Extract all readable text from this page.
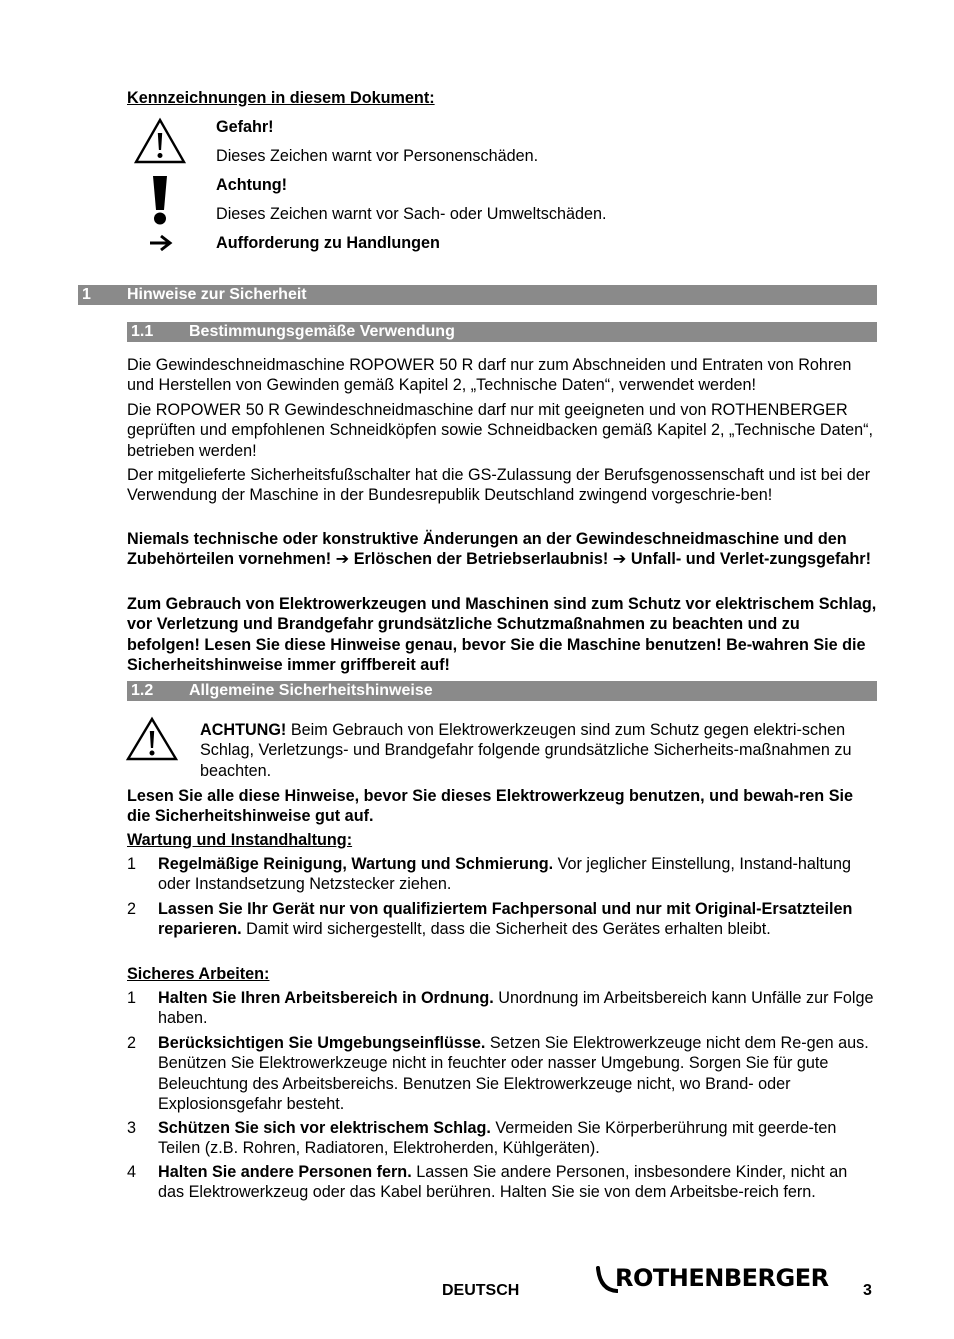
Kennzeichnungen in diesem Dokument:
Gefahr!
Dieses Zeichen warnt vor Personenschäden.
Achtung!
Dieses Zeichen warnt vor Sach- oder Umweltschäden.
Aufforderung zu Handlungen
1 Hinweise zur Sicherheit
1.1 Bestimmungsgemäße Verwendung

Die Gewindeschneidmaschine ROPOWER 50 R darf nur zum Abschneiden und Entraten von Rohren und Herstellen von Gewinden gemäß Kapitel 2, „Technische Daten“, verwendet werden!

Die ROPOWER 50 R Gewindeschneidmaschine darf nur mit geeigneten und von ROTHENBERGER geprüften und empfohlenen Schneidköpfen sowie Schneidbacken gemäß Kapitel 2, „Technische Daten“, betrieben werden!

Der mitgelieferte Sicherheitsfußschalter hat die GS-Zulassung der Berufsgenossenschaft und ist bei der Verwendung der Maschine in der Bundesrepublik Deutschland zwingend vorgeschrie-ben!

Niemals technische oder konstruktive Änderungen an der Gewindeschneidmaschine und den Zubehörteilen vornehmen! ➔ Erlöschen der Betriebserlaubnis! ➔ Unfall- und Verlet-zungsgefahr!

Zum Gebrauch von Elektrowerkzeugen und Maschinen sind zum Schutz vor elektrischem Schlag, vor Verletzung und Brandgefahr grundsätzliche Schutzmaßnahmen zu beachten und zu befolgen! Lesen Sie diese Hinweise genau, bevor Sie die Maschine benutzen! Be-wahren Sie die Sicherheitshinweise immer griffbereit auf!

1.2 Allgemeine Sicherheitshinweise

ACHTUNG! Beim Gebrauch von Elektrowerkzeugen sind zum Schutz gegen elektri-schen Schlag, Verletzungs- und Brandgefahr folgende grundsätzliche Sicherheits-maßnahmen zu beachten.

Lesen Sie alle diese Hinweise, bevor Sie dieses Elektrowerkzeug benutzen, und bewah-ren Sie die Sicherheitshinweise gut auf.

Wartung und Instandhaltung:
1 Regelmäßige Reinigung, Wartung und Schmierung. Vor jeglicher Einstellung, Instand-haltung oder Instandsetzung Netzstecker ziehen.

2 Lassen Sie Ihr Gerät nur von qualifiziertem Fachpersonal und nur mit Original-Ersatzteilen reparieren. Damit wird sichergestellt, dass die Sicherheit des Gerätes erhalten bleibt.

Sicheres Arbeiten:
1 Halten Sie Ihren Arbeitsbereich in Ordnung. Unordnung im Arbeitsbereich kann Unfälle zur Folge haben.

2 Berücksichtigen Sie Umgebungseinflüsse. Setzen Sie Elektrowerkzeuge nicht dem Re-gen aus. Benützen Sie Elektrowerkzeuge nicht in feuchter oder nasser Umgebung. Sorgen Sie für gute Beleuchtung des Arbeitsbereichs. Benutzen Sie Elektrowerkzeuge nicht, wo Brand- oder Explosionsgefahr besteht.

3 Schützen Sie sich vor elektrischem Schlag. Vermeiden Sie Körperberührung mit geerde-ten Teilen (z.B. Rohren, Radiatoren, Elektroherden, Kühlgeräten).

4 Halten Sie andere Personen fern. Lassen Sie andere Personen, insbesondere Kinder, nicht an das Elektrowerkzeug oder das Kabel berühren. Halten Sie sie von dem Arbeitsbe-reich fern.

DEUTSCH	ROTHENBERGER 3
